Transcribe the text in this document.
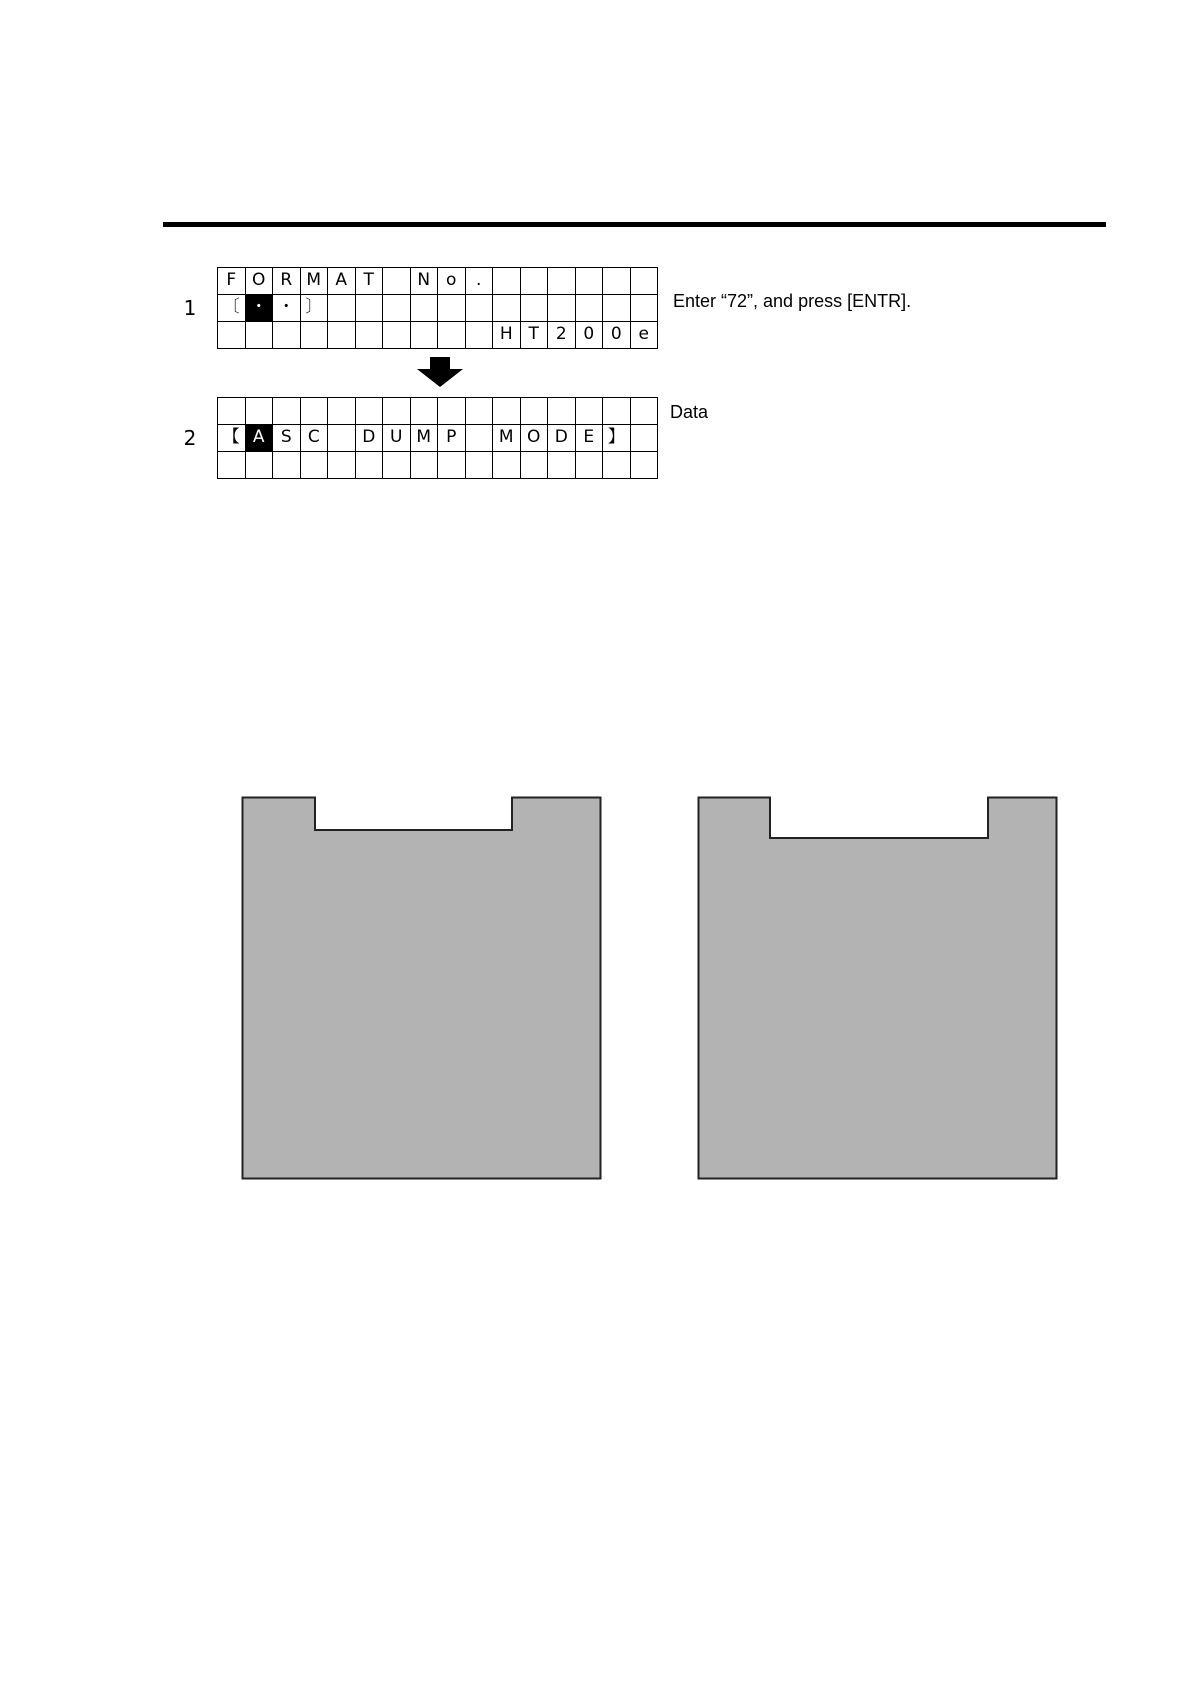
1
F O R M A T	N o	.
〔 ・ ・ 〕
H T 2 0 0 e
Enter “72”, and press [ENTR].
2 【 A S C	D U M P	M O D E 】
Data
